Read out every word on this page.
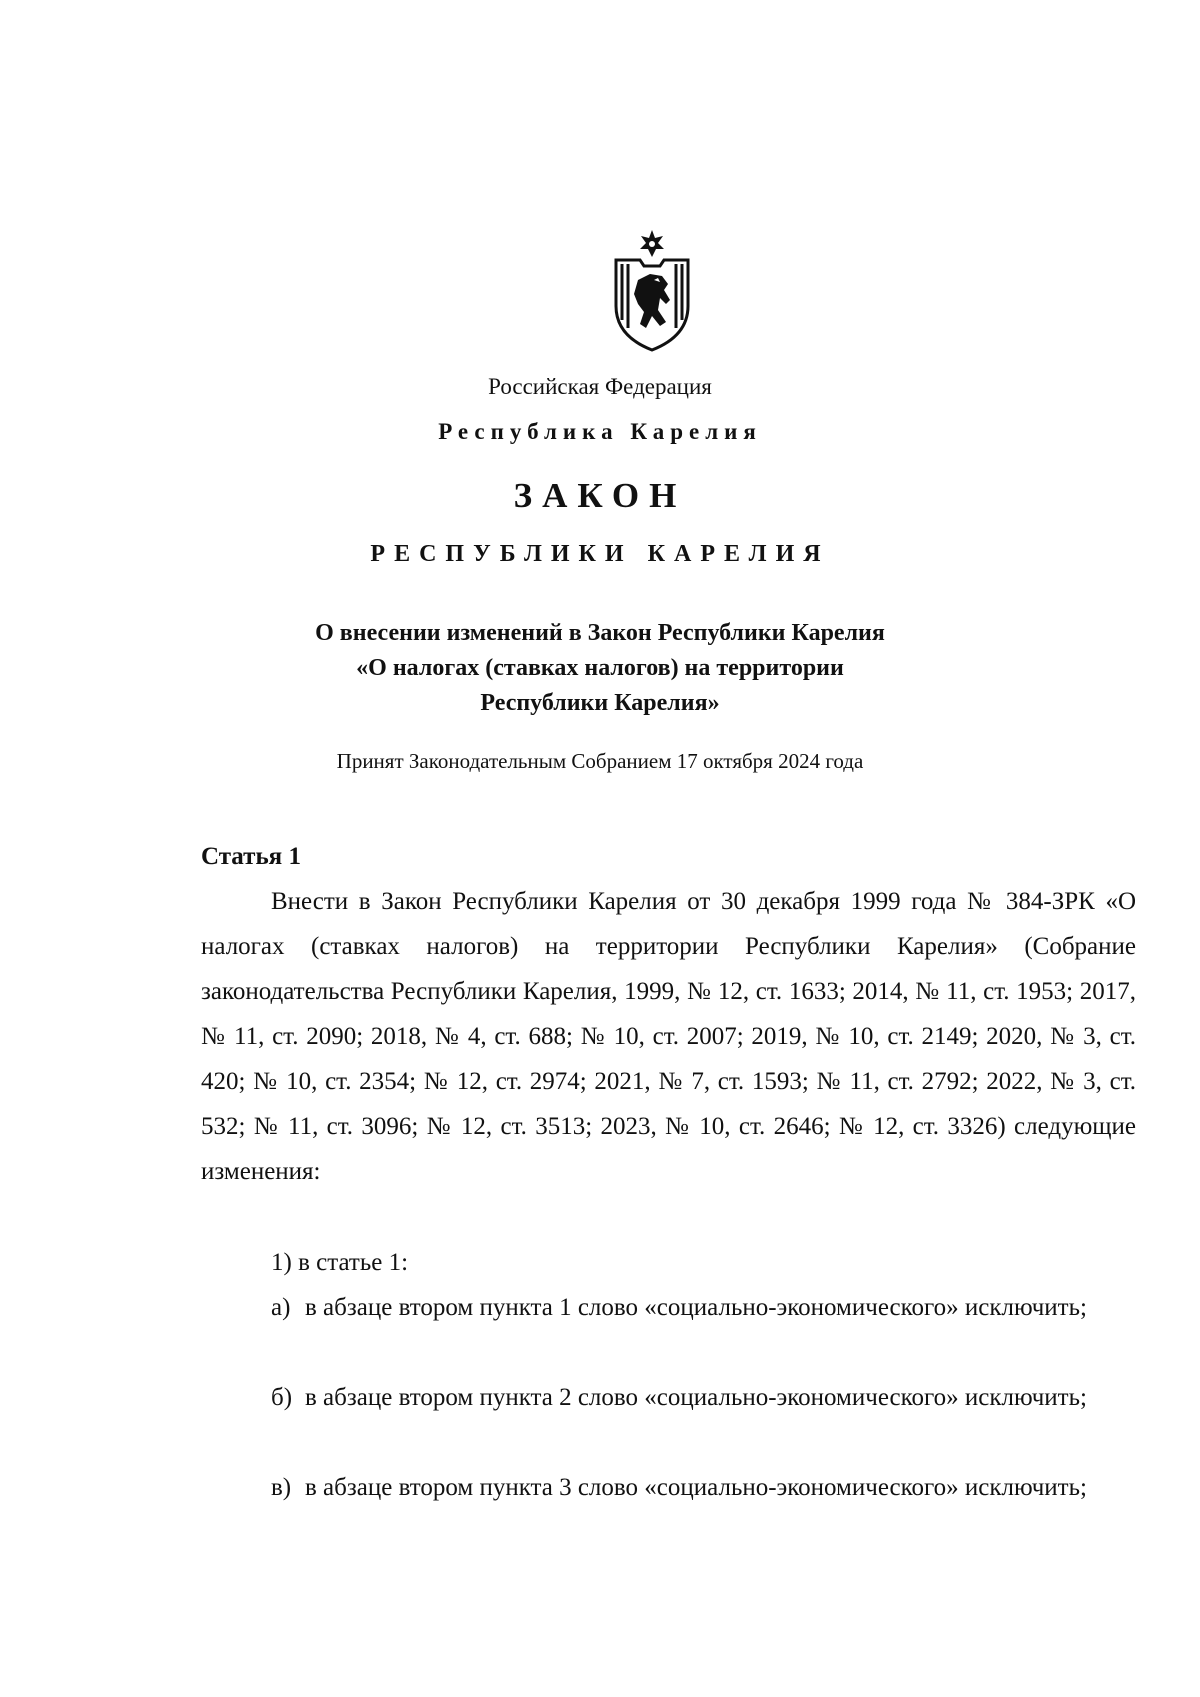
Российская Федерация
Республика Карелия
ЗАКОН
РЕСПУБЛИКИ КАРЕЛИЯ
О внесении изменений в Закон Республики Карелия
«О налогах (ставках налогов) на территории
Республики Карелия»
Принят Законодательным Собранием 17 октября 2024 года
Статья 1

Внести в Закон Республики Карелия от 30 декабря 1999 года № 384-ЗРК «О налогах (ставках налогов) на территории Республики Карелия» (Собрание законодательства Республики Карелия, 1999, № 12, ст. 1633; 2014, № 11, ст. 1953; 2017, № 11, ст. 2090; 2018, № 4, ст. 688; № 10, ст. 2007; 2019, № 10, ст. 2149; 2020, № 3, ст. 420; № 10, ст. 2354; № 12, ст. 2974; 2021, № 7, ст. 1593; № 11, ст. 2792; 2022, № 3, ст. 532; № 11, ст. 3096; № 12, ст. 3513; 2023, № 10, ст. 2646; № 12, ст. 3326) следующие изменения:

1) в статье 1:

а) в абзаце втором пункта 1 слово «социально-экономического» исключить;

б) в абзаце втором пункта 2 слово «социально-экономического» исключить;

в) в абзаце втором пункта 3 слово «социально-экономического» исключить;
